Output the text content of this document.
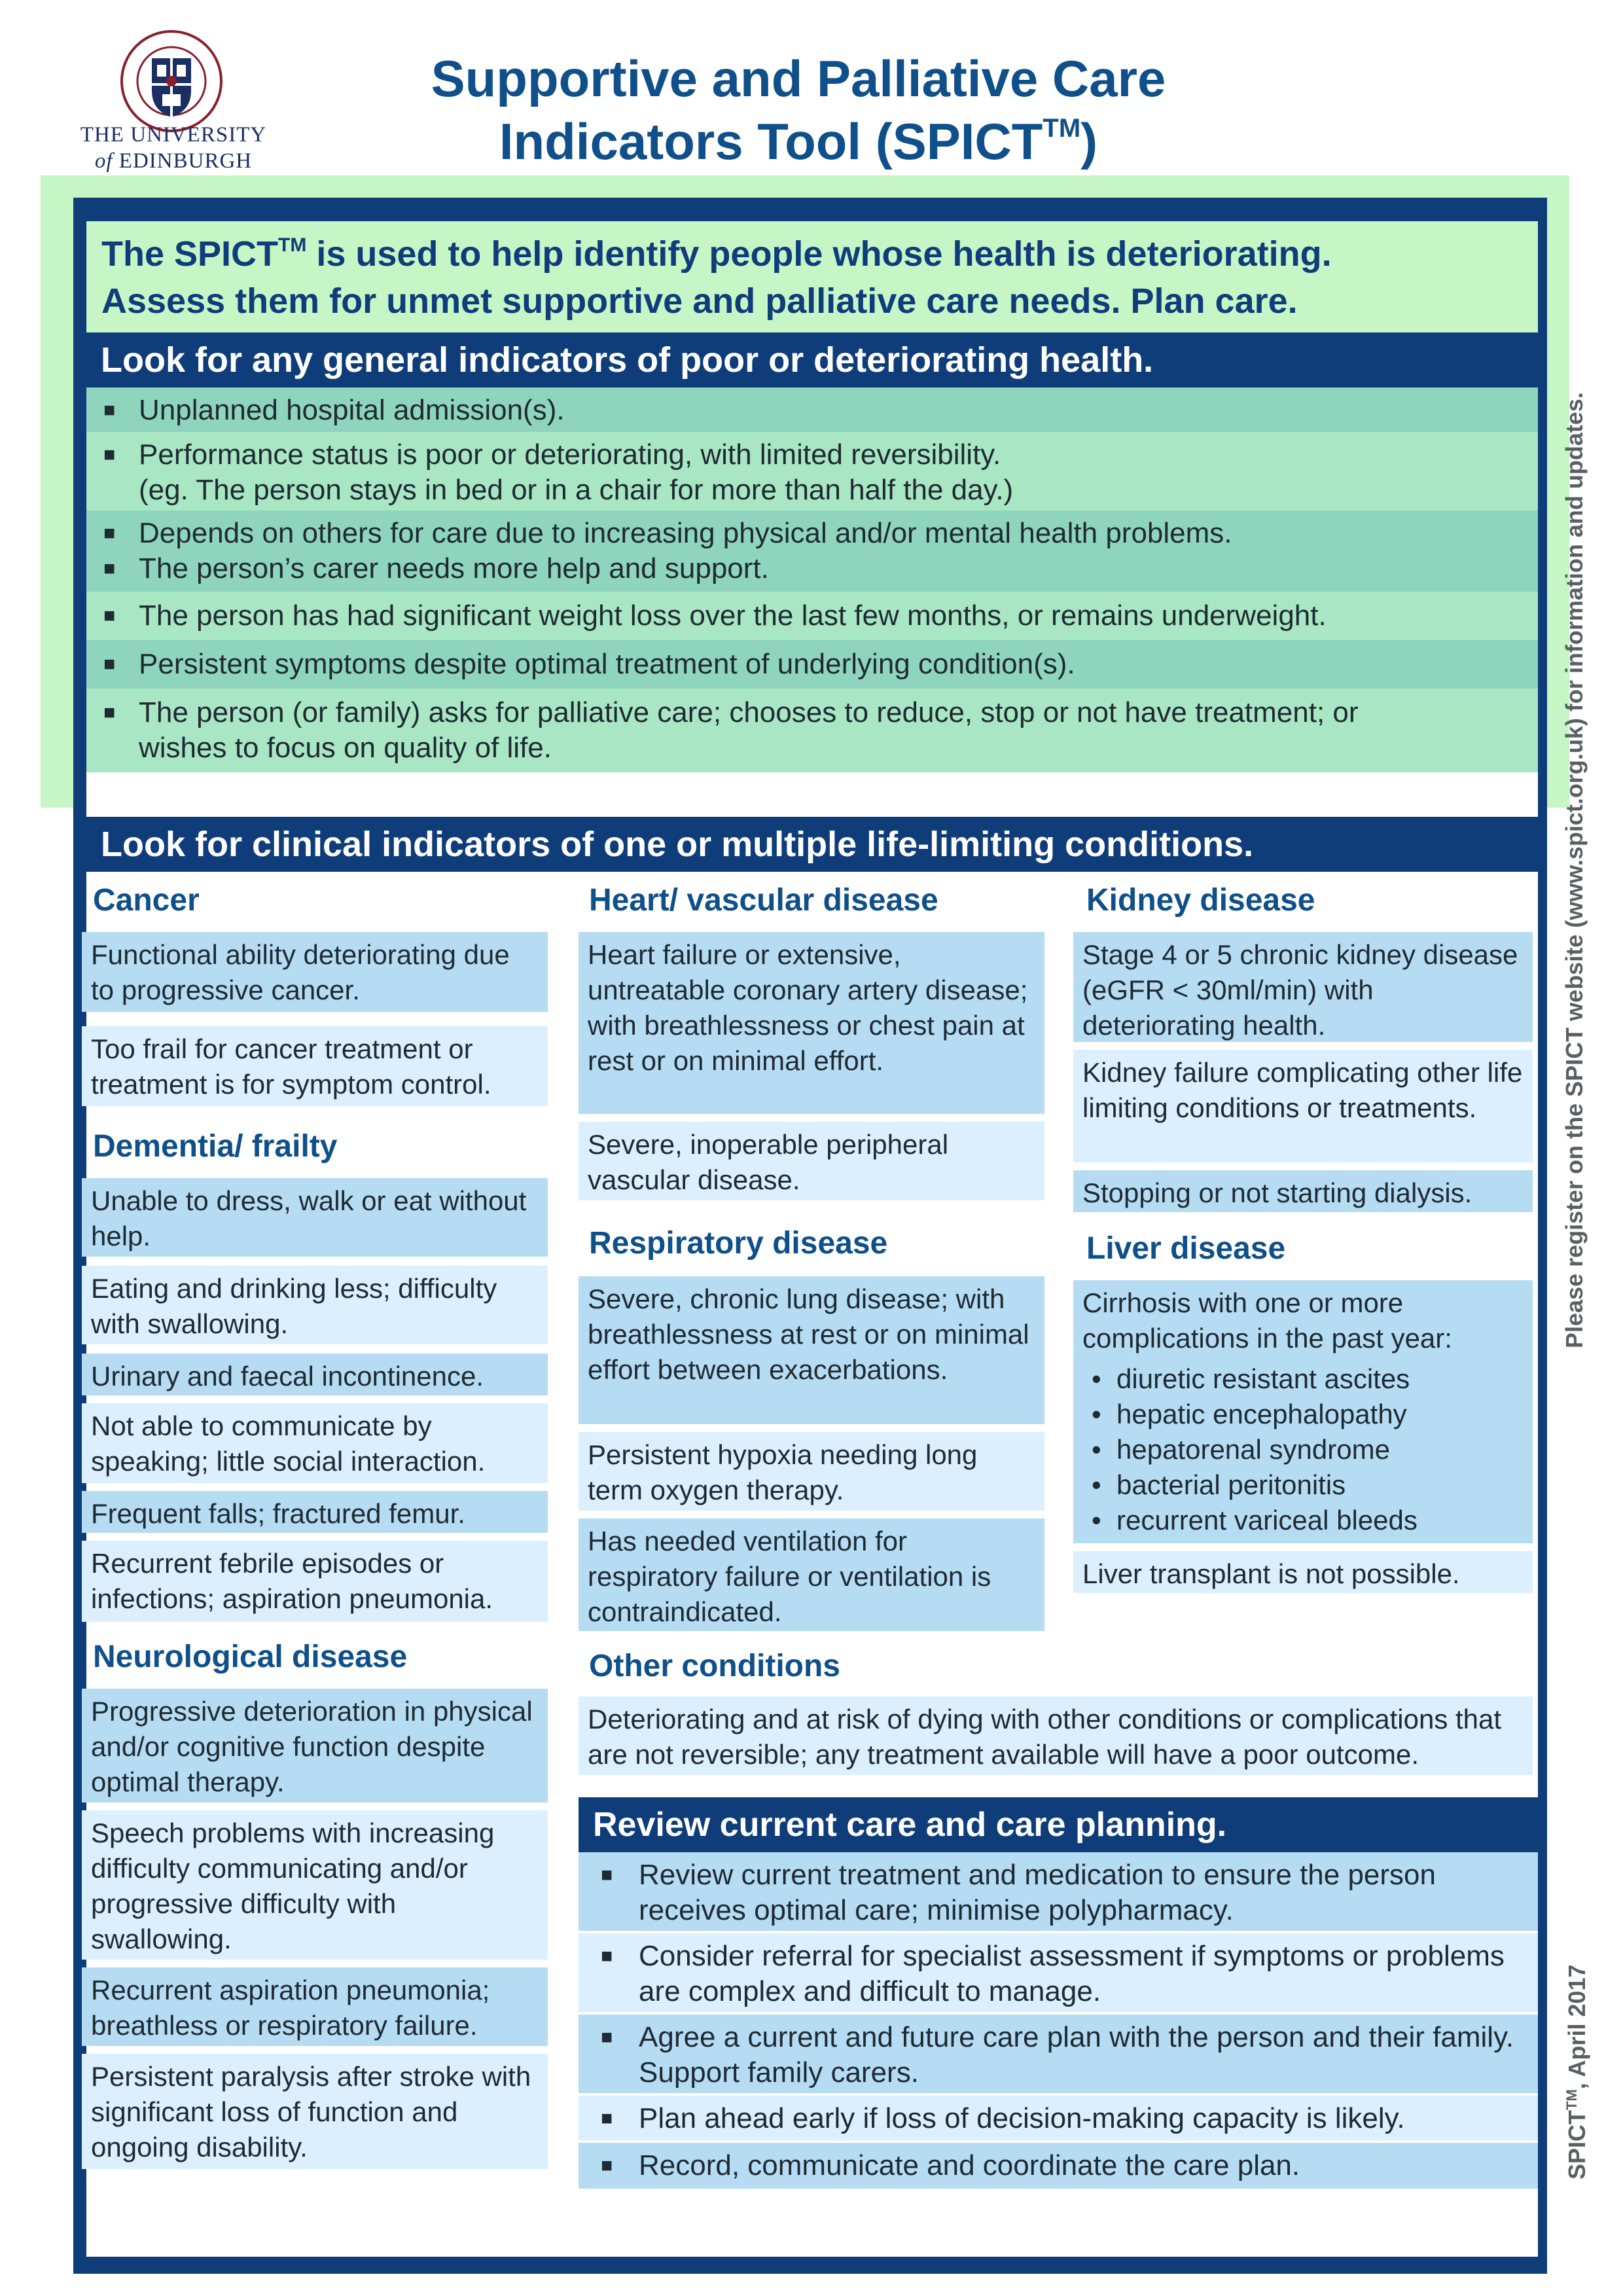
THE UNIVERSITY
of EDINBURGH
Supportive and Palliative Care
Indicators Tool (SPICT™)
The SPICT™ is used to help identify people whose health is deteriorating.
Assess them for unmet supportive and palliative care needs. Plan care.
Look for any general indicators of poor or deteriorating health.
■ Unplanned hospital admission(s).
■ Performance status is poor or deteriorating, with limited reversibility.
(eg. The person stays in bed or in a chair for more than half the day.)
■ Depends on others for care due to increasing physical and/or mental health problems.
■ The person’s carer needs more help and support.
■ The person has had significant weight loss over the last few months, or remains underweight.
■ Persistent symptoms despite optimal treatment of underlying condition(s).
■ The person (or family) asks for palliative care; chooses to reduce, stop or not have treatment; or
wishes to focus on quality of life.
Look for clinical indicators of one or multiple life-limiting conditions.
Cancer
Functional ability deteriorating due to progressive cancer.
Too frail for cancer treatment or treatment is for symptom control.
Dementia/ frailty
Unable to dress, walk or eat without help.
Eating and drinking less; difficulty with swallowing.
Urinary and faecal incontinence.
Not able to communicate by speaking; little social interaction.
Frequent falls; fractured femur.
Recurrent febrile episodes or infections; aspiration pneumonia.
Neurological disease
Progressive deterioration in physical and/or cognitive function despite optimal therapy.
Speech problems with increasing difficulty communicating and/or progressive difficulty with swallowing.
Recurrent aspiration pneumonia; breathless or respiratory failure.
Persistent paralysis after stroke with significant loss of function and ongoing disability.
Heart/ vascular disease
Heart failure or extensive, untreatable coronary artery disease; with breathlessness or chest pain at rest or on minimal effort.
Severe, inoperable peripheral vascular disease.
Respiratory disease
Severe, chronic lung disease; with breathlessness at rest or on minimal effort between exacerbations.
Persistent hypoxia needing long term oxygen therapy.
Has needed ventilation for respiratory failure or ventilation is contraindicated.
Kidney disease
Stage 4 or 5 chronic kidney disease (eGFR < 30ml/min) with deteriorating health.
Kidney failure complicating other life limiting conditions or treatments.
Stopping or not starting dialysis.
Liver disease
Cirrhosis with one or more complications in the past year:
• diuretic resistant ascites
• hepatic encephalopathy
• hepatorenal syndrome
• bacterial peritonitis
• recurrent variceal bleeds
Liver transplant is not possible.
Other conditions
Deteriorating and at risk of dying with other conditions or complications that are not reversible; any treatment available will have a poor outcome.
Review current care and care planning.
■ Review current treatment and medication to ensure the person receives optimal care; minimise polypharmacy.
■ Consider referral for specialist assessment if symptoms or problems are complex and difficult to manage.
■ Agree a current and future care plan with the person and their family. Support family carers.
■ Plan ahead early if loss of decision-making capacity is likely.
■ Record, communicate and coordinate the care plan.
Please register on the SPICT website (www.spict.org.uk) for information and updates.
SPICT™, April 2017
